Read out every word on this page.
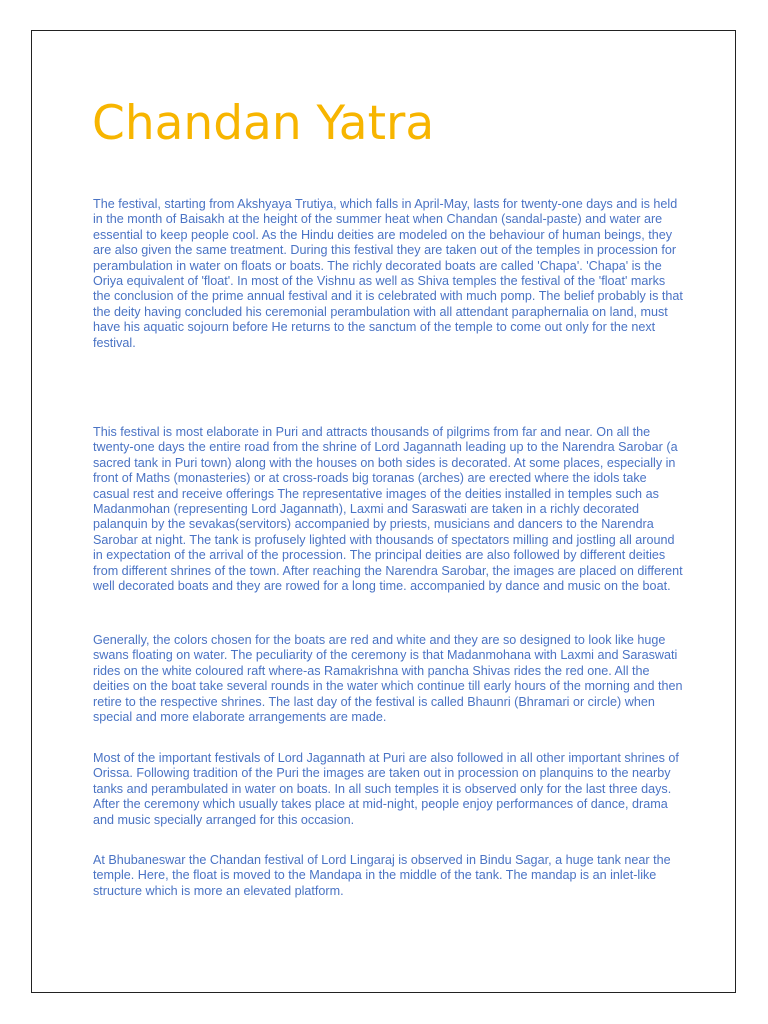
Chandan Yatra

The festival, starting from Akshyaya Trutiya, which falls in April-May, lasts for twenty-one days and is held in the month of Baisakh at the height of the summer heat when Chandan (sandal-paste) and water are essential to keep people cool. As the Hindu deities are modeled on the behaviour of human beings, they are also given the same treatment. During this festival they are taken out of the temples in procession for perambulation in water on floats or boats. The richly decorated boats are called 'Chapa'. 'Chapa' is the Oriya equivalent of 'float'. In most of the Vishnu as well as Shiva temples the festival of the 'float' marks the conclusion of the prime annual festival and it is celebrated with much pomp. The belief probably is that the deity having concluded his ceremonial perambulation with all attendant paraphernalia on land, must have his aquatic sojourn before He returns to the sanctum of the temple to come out only for the next festival.

This festival is most elaborate in Puri and attracts thousands of pilgrims from far and near. On all the twenty-one days the entire road from the shrine of Lord Jagannath leading up to the Narendra Sarobar (a sacred tank in Puri town) along with the houses on both sides is decorated. At some places, especially in front of Maths (monasteries) or at cross-roads big toranas (arches) are erected where the idols take casual rest and receive offerings The representative images of the deities installed in temples such as Madanmohan (representing Lord Jagannath), Laxmi and Saraswati are taken in a richly decorated palanquin by the sevakas(servitors) accompanied by priests, musicians and dancers to the Narendra Sarobar at night. The tank is profusely lighted with thousands of spectators milling and jostling all around in expectation of the arrival of the procession. The principal deities are also followed by different deities from different shrines of the town. After reaching the Narendra Sarobar, the images are placed on different well decorated boats and they are rowed for a long time. accompanied by dance and music on the boat.

Generally, the colors chosen for the boats are red and white and they are so designed to look like huge swans floating on water. The peculiarity of the ceremony is that Madanmohana with Laxmi and Saraswati rides on the white coloured raft where-as Ramakrishna with pancha Shivas rides the red one. All the deities on the boat take several rounds in the water which continue till early hours of the morning and then retire to the respective shrines. The last day of the festival is called Bhaunri (Bhramari or circle) when special and more elaborate arrangements are made.

Most of the important festivals of Lord Jagannath at Puri are also followed in all other important shrines of Orissa. Following tradition of the Puri the images are taken out in procession on planquins to the nearby tanks and perambulated in water on boats. In all such temples it is observed only for the last three days. After the ceremony which usually takes place at mid-night, people enjoy performances of dance, drama and music specially arranged for this occasion.

At Bhubaneswar the Chandan festival of Lord Lingaraj is observed in Bindu Sagar, a huge tank near the temple. Here, the float is moved to the Mandapa in the middle of the tank. The mandap is an inlet-like structure which is more an elevated platform.
